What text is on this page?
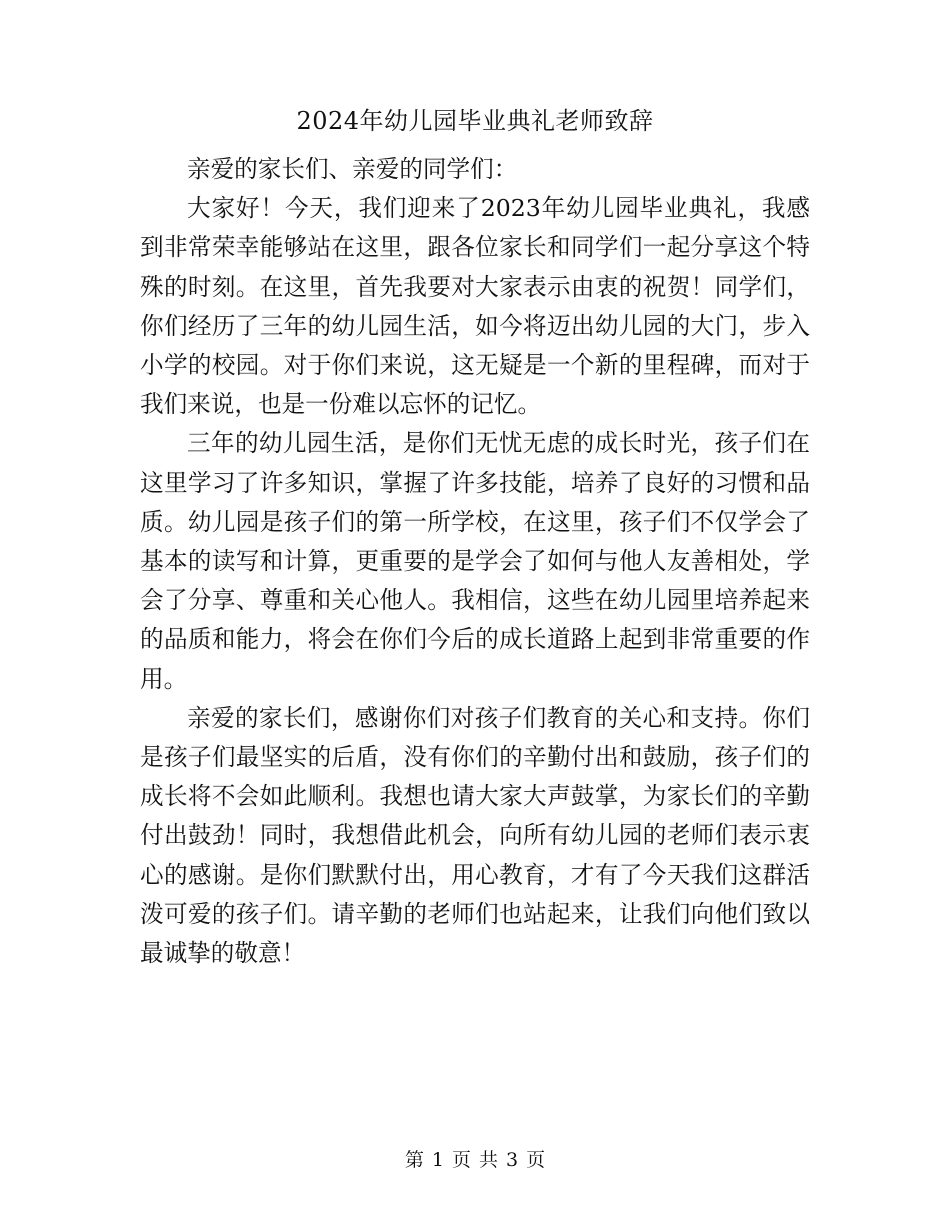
2024年幼儿园毕业典礼老师致辞

亲爱的家长们、亲爱的同学们：

大家好！今天，我们迎来了2023年幼儿园毕业典礼，我感到非常荣幸能够站在这里，跟各位家长和同学们一起分享这个特殊的时刻。在这里，首先我要对大家表示由衷的祝贺！同学们，你们经历了三年的幼儿园生活，如今将迈出幼儿园的大门，步入小学的校园。对于你们来说，这无疑是一个新的里程碑，而对于我们来说，也是一份难以忘怀的记忆。

三年的幼儿园生活，是你们无忧无虑的成长时光，孩子们在这里学习了许多知识，掌握了许多技能，培养了良好的习惯和品质。幼儿园是孩子们的第一所学校，在这里，孩子们不仅学会了基本的读写和计算，更重要的是学会了如何与他人友善相处，学会了分享、尊重和关心他人。我相信，这些在幼儿园里培养起来的品质和能力，将会在你们今后的成长道路上起到非常重要的作用。

亲爱的家长们，感谢你们对孩子们教育的关心和支持。你们是孩子们最坚实的后盾，没有你们的辛勤付出和鼓励，孩子们的成长将不会如此顺利。我想也请大家大声鼓掌，为家长们的辛勤付出鼓劲！同时，我想借此机会，向所有幼儿园的老师们表示衷心的感谢。是你们默默付出，用心教育，才有了今天我们这群活泼可爱的孩子们。请辛勤的老师们也站起来，让我们向他们致以最诚挚的敬意！

第 1 页 共 3 页
